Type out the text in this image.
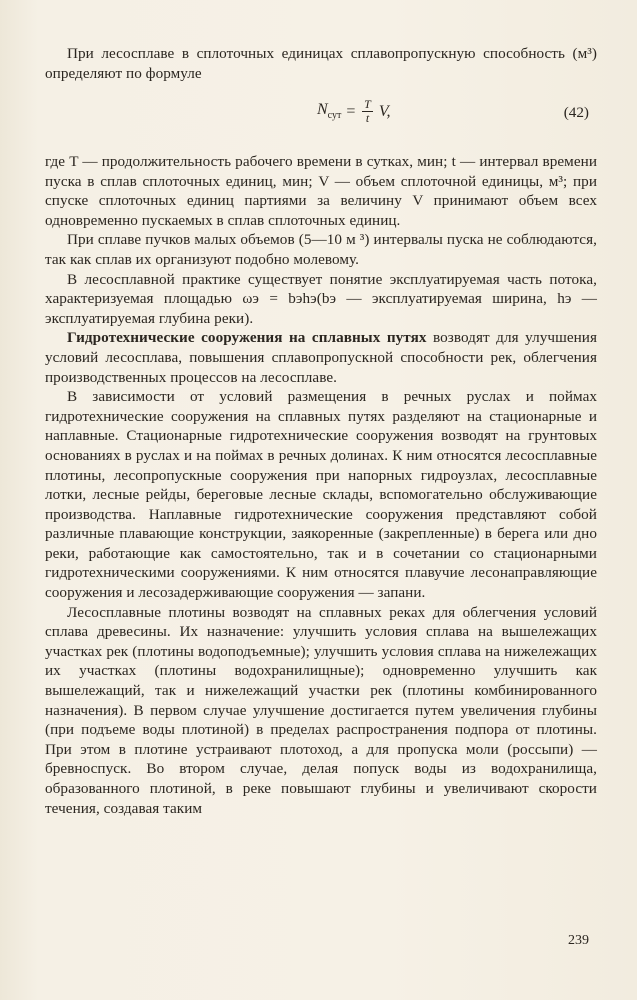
При лесосплаве в сплоточных единицах сплавопропускную способность (м³) определяют по формуле

$N_{сут} = \frac{T}{t} V$,	(42)

где T — продолжительность рабочего времени в сутках, мин; t — интервал времени пуска в сплав сплоточных единиц, мин; V — объем сплоточной единицы, м³; при спуске сплоточных единиц партиями за величину V принимают объем всех одновременно пускаемых в сплав сплоточных единиц.

При сплаве пучков малых объемов (5—10 м ³) интервалы пуска не соблюдаются, так как сплав их организуют подобно молевому.

В лесосплавной практике существует понятие эксплуатируемая часть потока, характеризуемая площадью ωэ = bэhэ(bэ — эксплуатируемая ширина, hэ — эксплуатируемая глубина реки).

Гидротехнические сооружения на сплавных путях возводят для улучшения условий лесосплава, повышения сплавопропускной способности рек, облегчения производственных процессов на лесосплаве.

В зависимости от условий размещения в речных руслах и поймах гидротехнические сооружения на сплавных путях разделяют на стационарные и наплавные. Стационарные гидротехнические сооружения возводят на грунтовых основаниях в руслах и на поймах в речных долинах. К ним относятся лесосплавные плотины, лесопропускные сооружения при напорных гидроузлах, лесосплавные лотки, лесные рейды, береговые лесные склады, вспомогательно обслуживающие производства. Наплавные гидротехнические сооружения представляют собой различные плавающие конструкции, заякоренные (закрепленные) в берега или дно реки, работающие как самостоятельно, так и в сочетании со стационарными гидротехническими сооружениями. К ним относятся плавучие лесонаправляющие сооружения и лесозадерживающие сооружения — запани.

Лесосплавные плотины возводят на сплавных реках для облегчения условий сплава древесины. Их назначение: улучшить условия сплава на вышележащих участках рек (плотины водоподъемные); улучшить условия сплава на нижележащих их участках (плотины водохранилищные); одновременно улучшить как вышележащий, так и нижележащий участки рек (плотины комбинированного назначения). В первом случае улучшение достигается путем увеличения глубины (при подъеме воды плотиной) в пределах распространения подпора от плотины. При этом в плотине устраивают плотоход, а для пропуска моли (россыпи) — бревноспуск. Во втором случае, делая попуск воды из водохранилища, образованного плотиной, в реке повышают глубины и увеличивают скорости течения, создавая таким

239
